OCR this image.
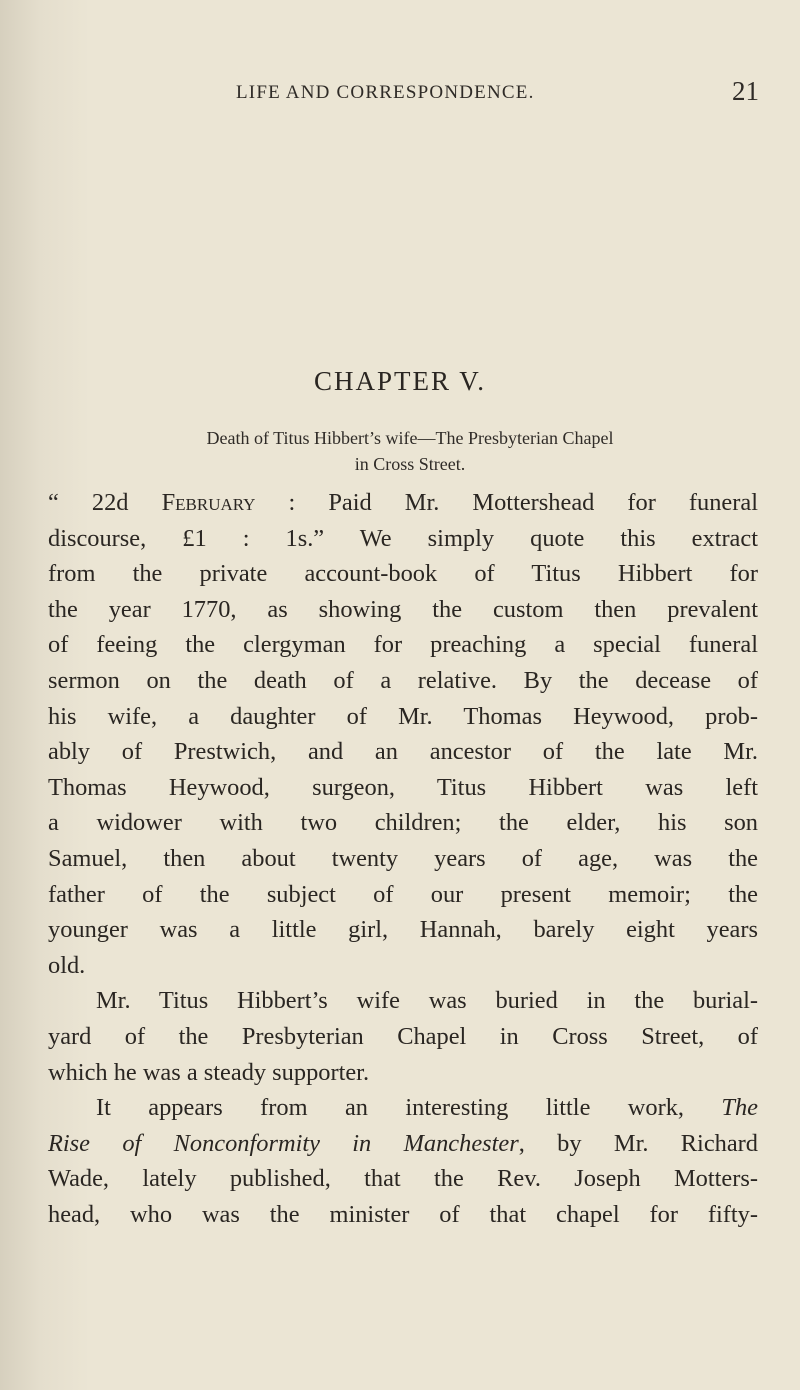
LIFE AND CORRESPONDENCE.	21
CHAPTER V.
Death of Titus Hibbert’s wife—The Presbyterian Chapel
in Cross Street.
“ 22d February : Paid Mr. Mottershead for funeral
discourse, £1 : 1s.” We simply quote this extract
from the private account-book of Titus Hibbert for
the year 1770, as showing the custom then prevalent
of feeing the clergyman for preaching a special funeral
sermon on the death of a relative. By the decease of
his wife, a daughter of Mr. Thomas Heywood, prob-
ably of Prestwich, and an ancestor of the late Mr.
Thomas Heywood, surgeon, Titus Hibbert was left
a widower with two children; the elder, his son
Samuel, then about twenty years of age, was the
father of the subject of our present memoir; the
younger was a little girl, Hannah, barely eight years
old.
Mr. Titus Hibbert’s wife was buried in the burial-
yard of the Presbyterian Chapel in Cross Street, of
which he was a steady supporter.
It appears from an interesting little work, The
Rise of Nonconformity in Manchester, by Mr. Richard
Wade, lately published, that the Rev. Joseph Motters-
head, who was the minister of that chapel for fifty-
